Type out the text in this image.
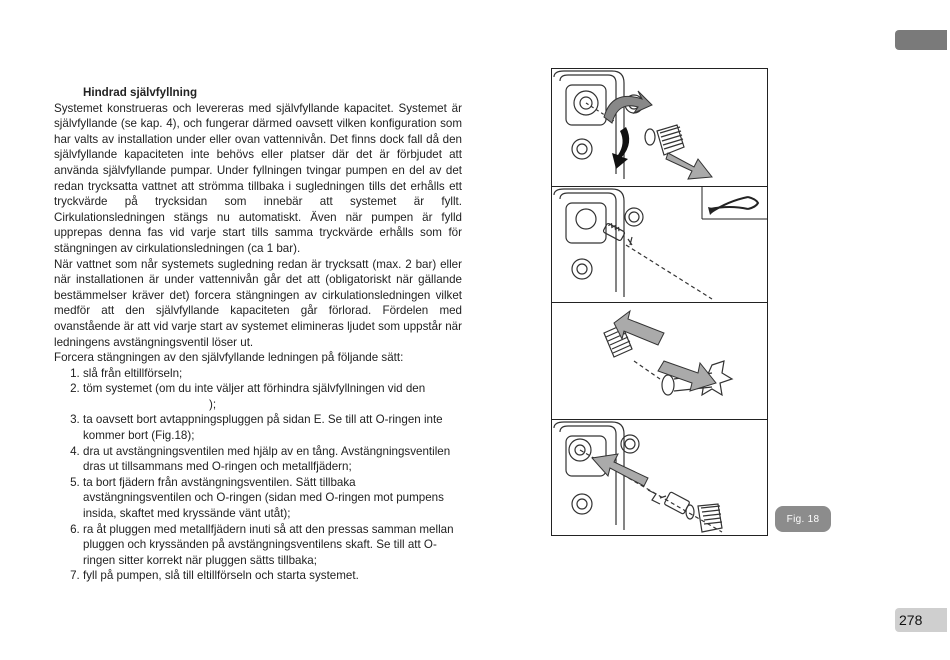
Hindrad självfyllning
Systemet konstrueras och levereras med självfyllande kapacitet. Systemet är självfyllande (se kap. 4), och fungerar därmed oavsett vilken konfiguration som har valts av installation under eller ovan vattennivån. Det finns dock fall då den självfyllande kapaciteten inte behövs eller platser där det är förbjudet att använda självfyllande pumpar. Under fyllningen tvingar pumpen en del av det redan trycksatta vattnet att strömma tillbaka i sugledningen tills det erhålls ett tryckvärde på trycksidan som innebär att systemet är fyllt. Cirkulationsledningen stängs nu automatiskt. Även när pumpen är fylld upprepas denna fas vid varje start tills samma tryckvärde erhålls som för stängningen av cirkulationsledningen (ca 1 bar).
När vattnet som når systemets sugledning redan är trycksatt (max. 2 bar) eller när installationen är under vattennivån går det att (obligatoriskt när gällande bestämmelser kräver det) forcera stängningen av cirkulationsledningen vilket medför att den självfyllande kapaciteten går förlorad. Fördelen med ovanstående är att vid varje start av systemet elimineras ljudet som uppstår när ledningens avstängningsventil löser ut.
Forcera stängningen av den självfyllande ledningen på följande sätt:
1. slå från eltillförseln;
2. töm systemet (om du inte väljer att förhindra självfyllningen vid den
);
3. ta oavsett bort avtappningspluggen på sidan E. Se till att O-ringen inte kommer bort (Fig.18);
4. dra ut avstängningsventilen med hjälp av en tång. Avstängningsventilen dras ut tillsammans med O-ringen och metallfjädern;
5. ta bort fjädern från avstängningsventilen. Sätt tillbaka avstängningsventilen och O-ringen (sidan med O-ringen mot pumpens insida, skaftet med kryssände vänt utåt);
6. ra åt pluggen med metallfjädern inuti så att den pressas samman mellan pluggen och kryssänden på avstängningsventilens skaft. Se till att O-ringen sitter korrekt när pluggen sätts tillbaka;
7. fyll på pumpen, slå till eltillförseln och starta systemet.
Fig. 18
278
